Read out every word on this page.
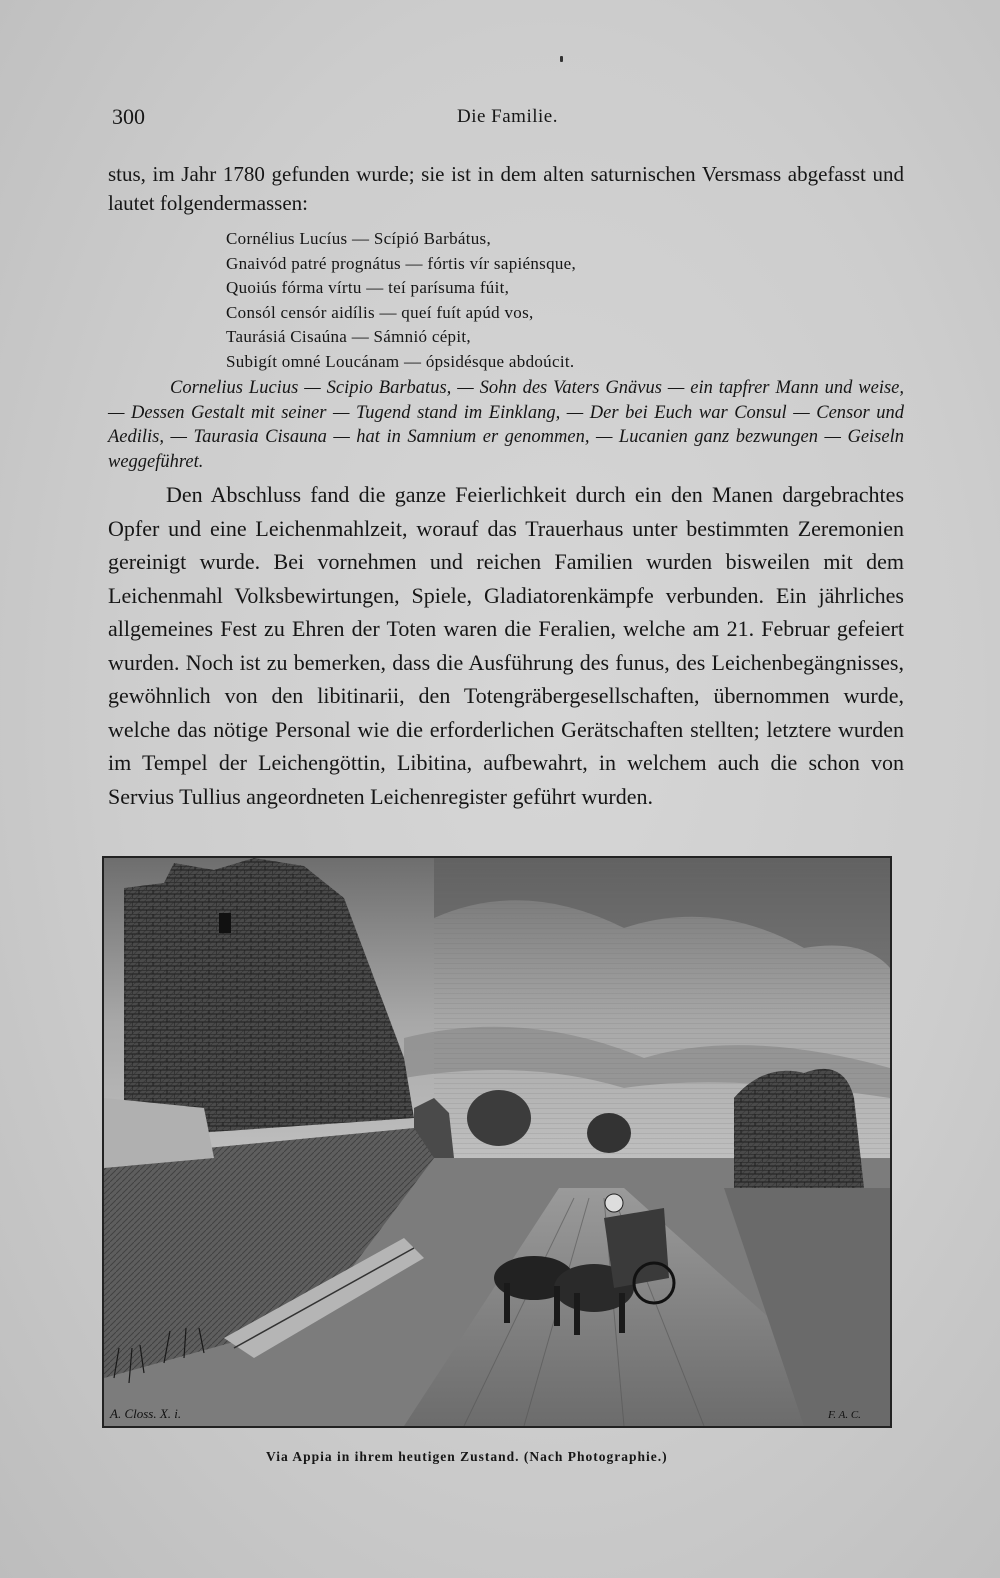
300	Die Familie.
stus, im Jahr 1780 gefunden wurde; sie ist in dem alten saturnischen Versmass abgefasst und lautet folgendermassen:
Cornélius Lucíus — Scípió Barbátus,
Gnaivód patré prognátus — fórtis vír sapiénsque,
Quoiús fórma vírtu — teí parísuma fúit,
Consól censór aidílis — queí fuít apúd vos,
Taurásiá Cisaúna — Sámnió cépit,
Subigít omné Loucánam — ópsidésque abdoúcit.
Cornelius Lucius — Scipio Barbatus, — Sohn des Vaters Gnävus — ein tapfrer Mann und weise, — Dessen Gestalt mit seiner — Tugend stand im Einklang, — Der bei Euch war Consul — Censor und Aedilis, — Taurasia Cisauna — hat in Samnium er genommen, — Lucanien ganz bezwungen — Geiseln weggeführet.
Den Abschluss fand die ganze Feierlichkeit durch ein den Manen dargebrachtes Opfer und eine Leichenmahlzeit, worauf das Trauerhaus unter bestimmten Zeremonien gereinigt wurde. Bei vornehmen und reichen Familien wurden bisweilen mit dem Leichenmahl Volksbewirtungen, Spiele, Gladiatorenkämpfe verbunden. Ein jährliches allgemeines Fest zu Ehren der Toten waren die Feralien, welche am 21. Februar gefeiert wurden. Noch ist zu bemerken, dass die Ausführung des funus, des Leichenbegängnisses, gewöhnlich von den libitinarii, den Totengräbergesellschaften, übernommen wurde, welche das nötige Personal wie die erforderlichen Gerätschaften stellten; letztere wurden im Tempel der Leichengöttin, Libitina, aufbewahrt, in welchem auch die schon von Servius Tullius angeordneten Leichenregister geführt wurden.
A. Closs. X. i.	F. A. C.
Via Appia in ihrem heutigen Zustand. (Nach Photographie.)
